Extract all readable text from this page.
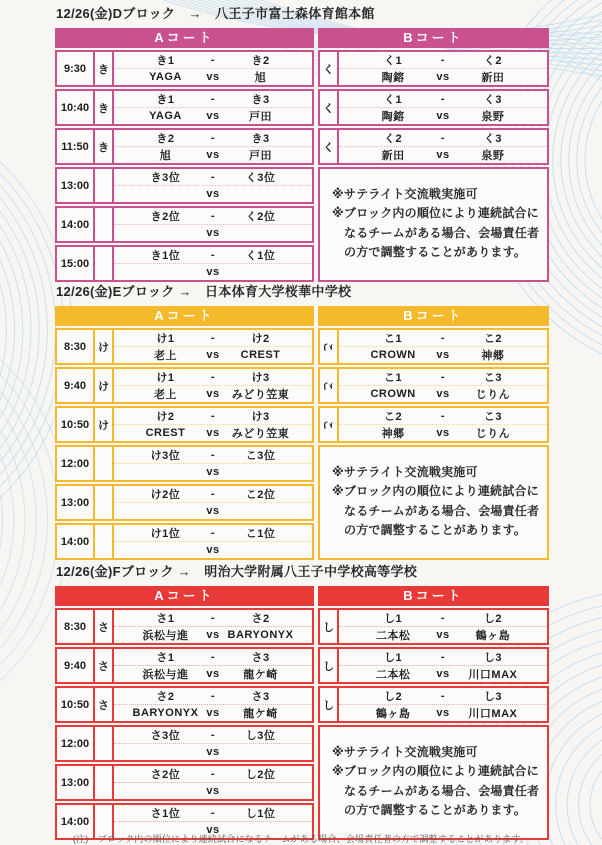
12/26(金)Dブロック　→　八王子市富士森体育館本館
Aコート
9:30	き
き1	-	き2
YAGA vs	旭
10:40 き
き1	-	き3
YAGA vs	戸田
11:50 き
き2	-	き3
旭	vs	戸田
13:00
き3位	-	く3位
vs
14:00
き2位	-	く2位
vs
15:00
き1位	-	く1位
vs
Bコート
く
く1	-	く2
陶鎔	vs	新田
く
く1	-	く3
陶鎔	vs	泉野
く
く2	-	く3
新田	vs	泉野
※サテライト交流戦実施可
※ブロック内の順位により連続試合になるチームがある場合、会場責任者の方で調整することがあります。
12/26(金)Eブロック →　日本体育大学桜華中学校
Aコート
8:30	け
け1	-	け2
老上	vs CREST
9:40	け
け1	-	け3
老上	vs みどり笠東
10:50 け
け2	-	け3
CREST vs みどり笠東
12:00
け3位	-	こ3位
vs
13:00
け2位	-	こ2位
vs
14:00
け1位	-	こ1位
vs
Bコート
こ
こ1	-	こ2
CROWN vs	神郷
こ
こ1	-	こ3
CROWN vs じりん
こ
こ2	-	こ3
神郷	vs じりん
※サテライト交流戦実施可
※ブロック内の順位により連続試合になるチームがある場合、会場責任者の方で調整することがあります。
12/26(金)Fブロック →　明治大学附属八王子中学校高等学校
Aコート
8:30	さ
さ1	-	さ2
浜松与進 vs BARYONYX
9:40	さ
さ1	-	さ3
浜松与進 vs 龍ケ崎
10:50 さ
さ2	-	さ3
BARYONYX vs 龍ケ崎
12:00
さ3位	-	し3位
vs
13:00
さ2位	-	し2位
vs
14:00
さ1位	-	し1位
vs
Bコート
し
し1	-	し2
二本松 vs 鶴ヶ島
し
し1	-	し3
二本松 vs 川口MAX
し
し2	-	し3
鶴ヶ島 vs 川口MAX
※サテライト交流戦実施可
※ブロック内の順位により連続試合になるチームがある場合、会場責任者の方で調整することがあります。
(注)　ブロック内の順位により連続試合になるチームがある場合、会場責任者の方で調整することがあります。
